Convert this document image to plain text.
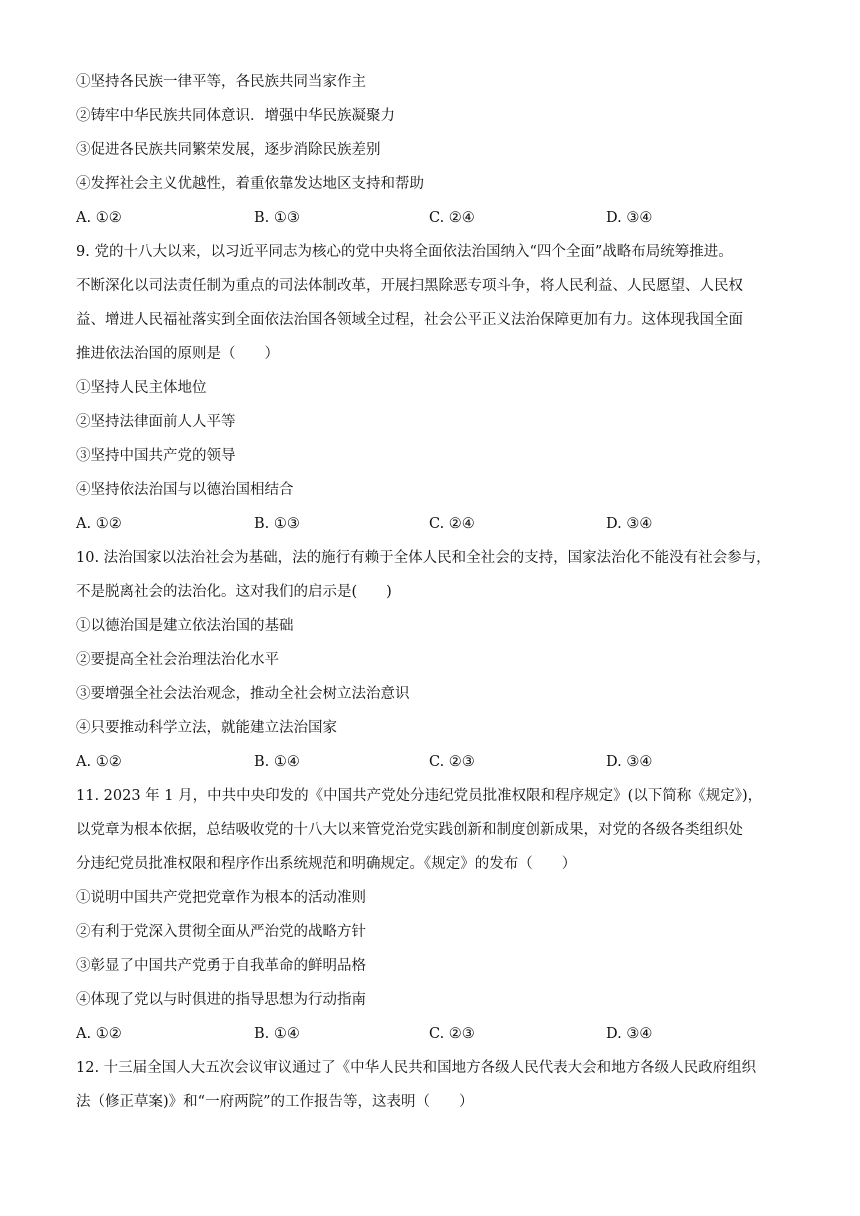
①坚持各民族一律平等，各民族共同当家作主
②铸牢中华民族共同体意识．增强中华民族凝聚力
③促进各民族共同繁荣发展，逐步消除民族差别
④发挥社会主义优越性，着重依靠发达地区支持和帮助
A. ①②	B. ①③	C. ②④	D. ③④
9. 党的十八大以来，以习近平同志为核心的党中央将全面依法治国纳入“四个全面”战略布局统筹推进。
不断深化以司法责任制为重点的司法体制改革，开展扫黑除恶专项斗争，将人民利益、人民愿望、人民权
益、增进人民福祉落实到全面依法治国各领域全过程，社会公平正义法治保障更加有力。这体现我国全面
推进依法治国的原则是（　　）
①坚持人民主体地位
②坚持法律面前人人平等
③坚持中国共产党的领导
④坚持依法治国与以德治国相结合
A. ①②	B. ①③	C. ②④	D. ③④
10. 法治国家以法治社会为基础，法的施行有赖于全体人民和全社会的支持，国家法治化不能没有社会参与，
不是脱离社会的法治化。这对我们的启示是(　　)
①以德治国是建立依法治国的基础
②要提高全社会治理法治化水平
③要增强全社会法治观念，推动全社会树立法治意识
④只要推动科学立法，就能建立法治国家
A. ①②	B. ①④	C. ②③	D. ③④
11. 2023 年 1 月，中共中央印发的《中国共产党处分违纪党员批准权限和程序规定》(以下简称《规定》)，
以党章为根本依据，总结吸收党的十八大以来管党治党实践创新和制度创新成果，对党的各级各类组织处
分违纪党员批准权限和程序作出系统规范和明确规定。《规定》的发布（　　）
①说明中国共产党把党章作为根本的活动准则
②有利于党深入贯彻全面从严治党的战略方针
③彰显了中国共产党勇于自我革命的鲜明品格
④体现了党以与时俱进的指导思想为行动指南
A. ①②	B. ①④	C. ②③	D. ③④
12. 十三届全国人大五次会议审议通过了《中华人民共和国地方各级人民代表大会和地方各级人民政府组织
法（修正草案)》和“一府两院”的工作报告等，这表明（　　）
